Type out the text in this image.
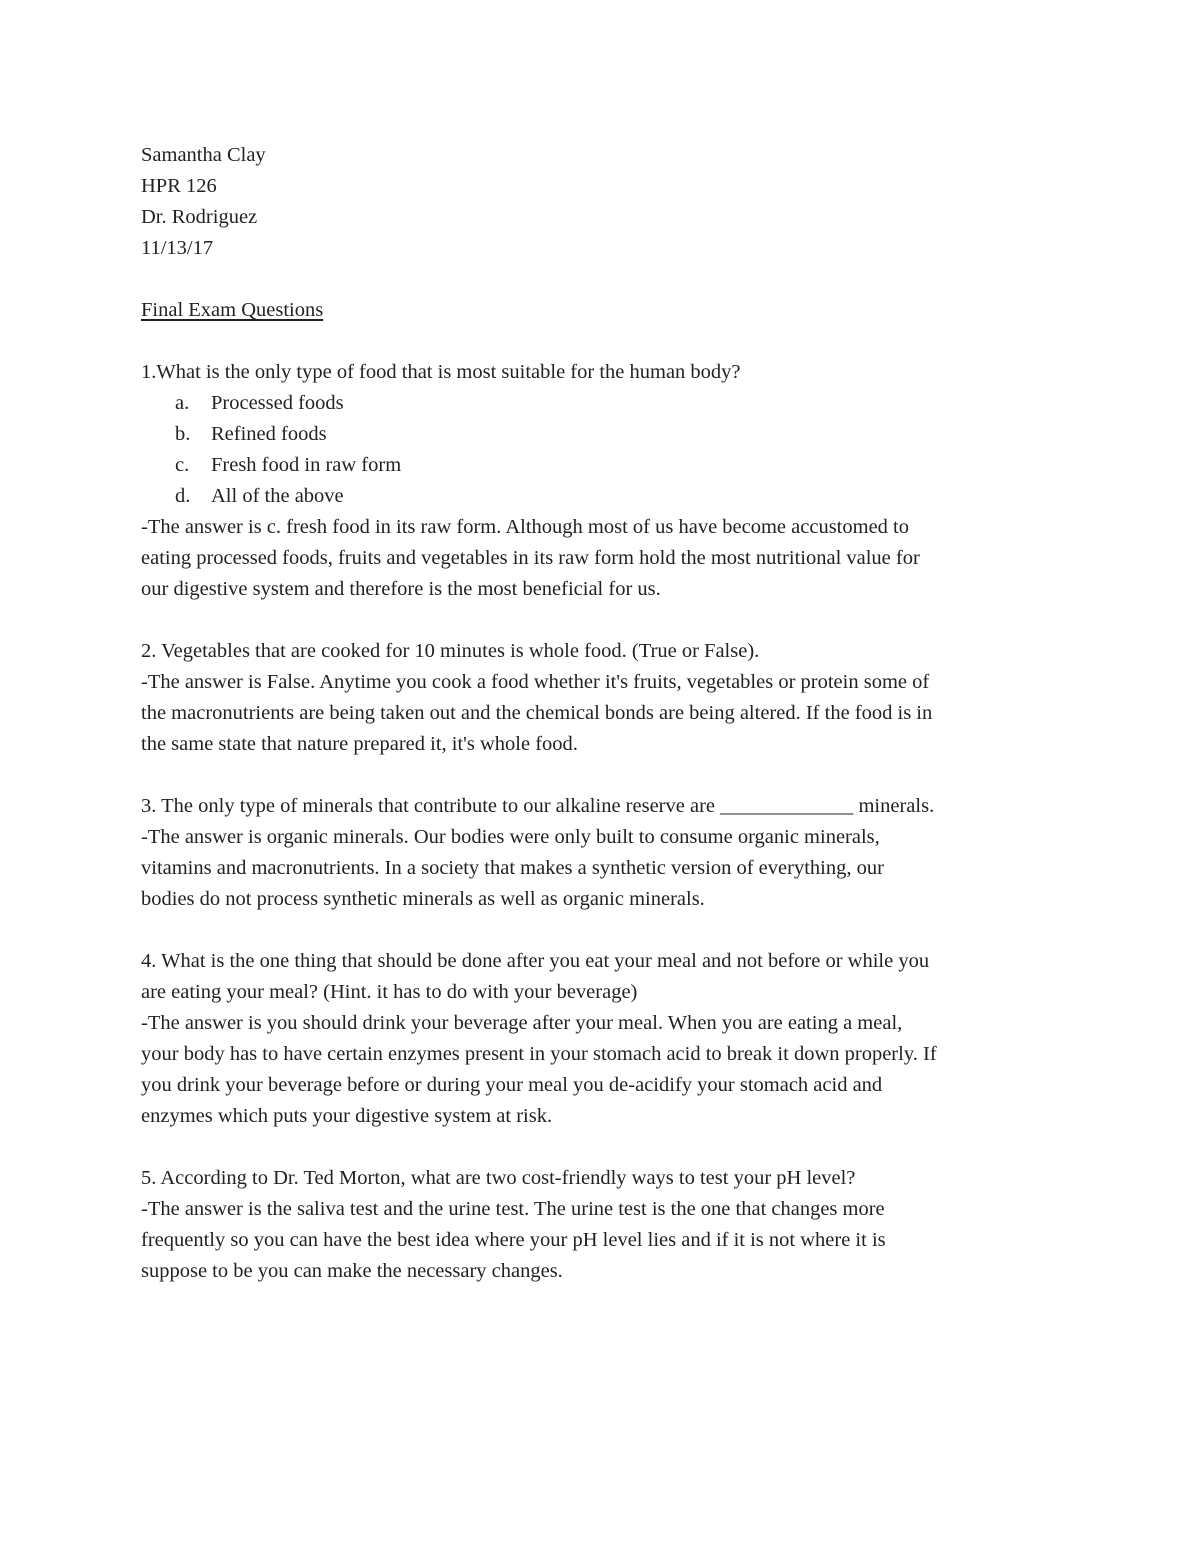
Samantha Clay
HPR 126
Dr. Rodriguez
11/13/17
Final Exam Questions
1.What is the only type of food that is most suitable for the human body?
a. Processed foods
b. Refined foods
c. Fresh food in raw form
d. All of the above
-The answer is c. fresh food in its raw form. Although most of us have become accustomed to
eating processed foods, fruits and vegetables in its raw form hold the most nutritional value for
our digestive system and therefore is the most beneficial for us.
2. Vegetables that are cooked for 10 minutes is whole food. (True or False).
-The answer is False. Anytime you cook a food whether it's fruits, vegetables or protein some of
the macronutrients are being taken out and the chemical bonds are being altered. If the food is in
the same state that nature prepared it, it's whole food.
3. The only type of minerals that contribute to our alkaline reserve are _____________ minerals.
-The answer is organic minerals. Our bodies were only built to consume organic minerals,
vitamins and macronutrients. In a society that makes a synthetic version of everything, our
bodies do not process synthetic minerals as well as organic minerals.
4. What is the one thing that should be done after you eat your meal and not before or while you
are eating your meal? (Hint. it has to do with your beverage)
-The answer is you should drink your beverage after your meal. When you are eating a meal,
your body has to have certain enzymes present in your stomach acid to break it down properly. If
you drink your beverage before or during your meal you de-acidify your stomach acid and
enzymes which puts your digestive system at risk.
5. According to Dr. Ted Morton, what are two cost-friendly ways to test your pH level?
-The answer is the saliva test and the urine test. The urine test is the one that changes more
frequently so you can have the best idea where your pH level lies and if it is not where it is
suppose to be you can make the necessary changes.
